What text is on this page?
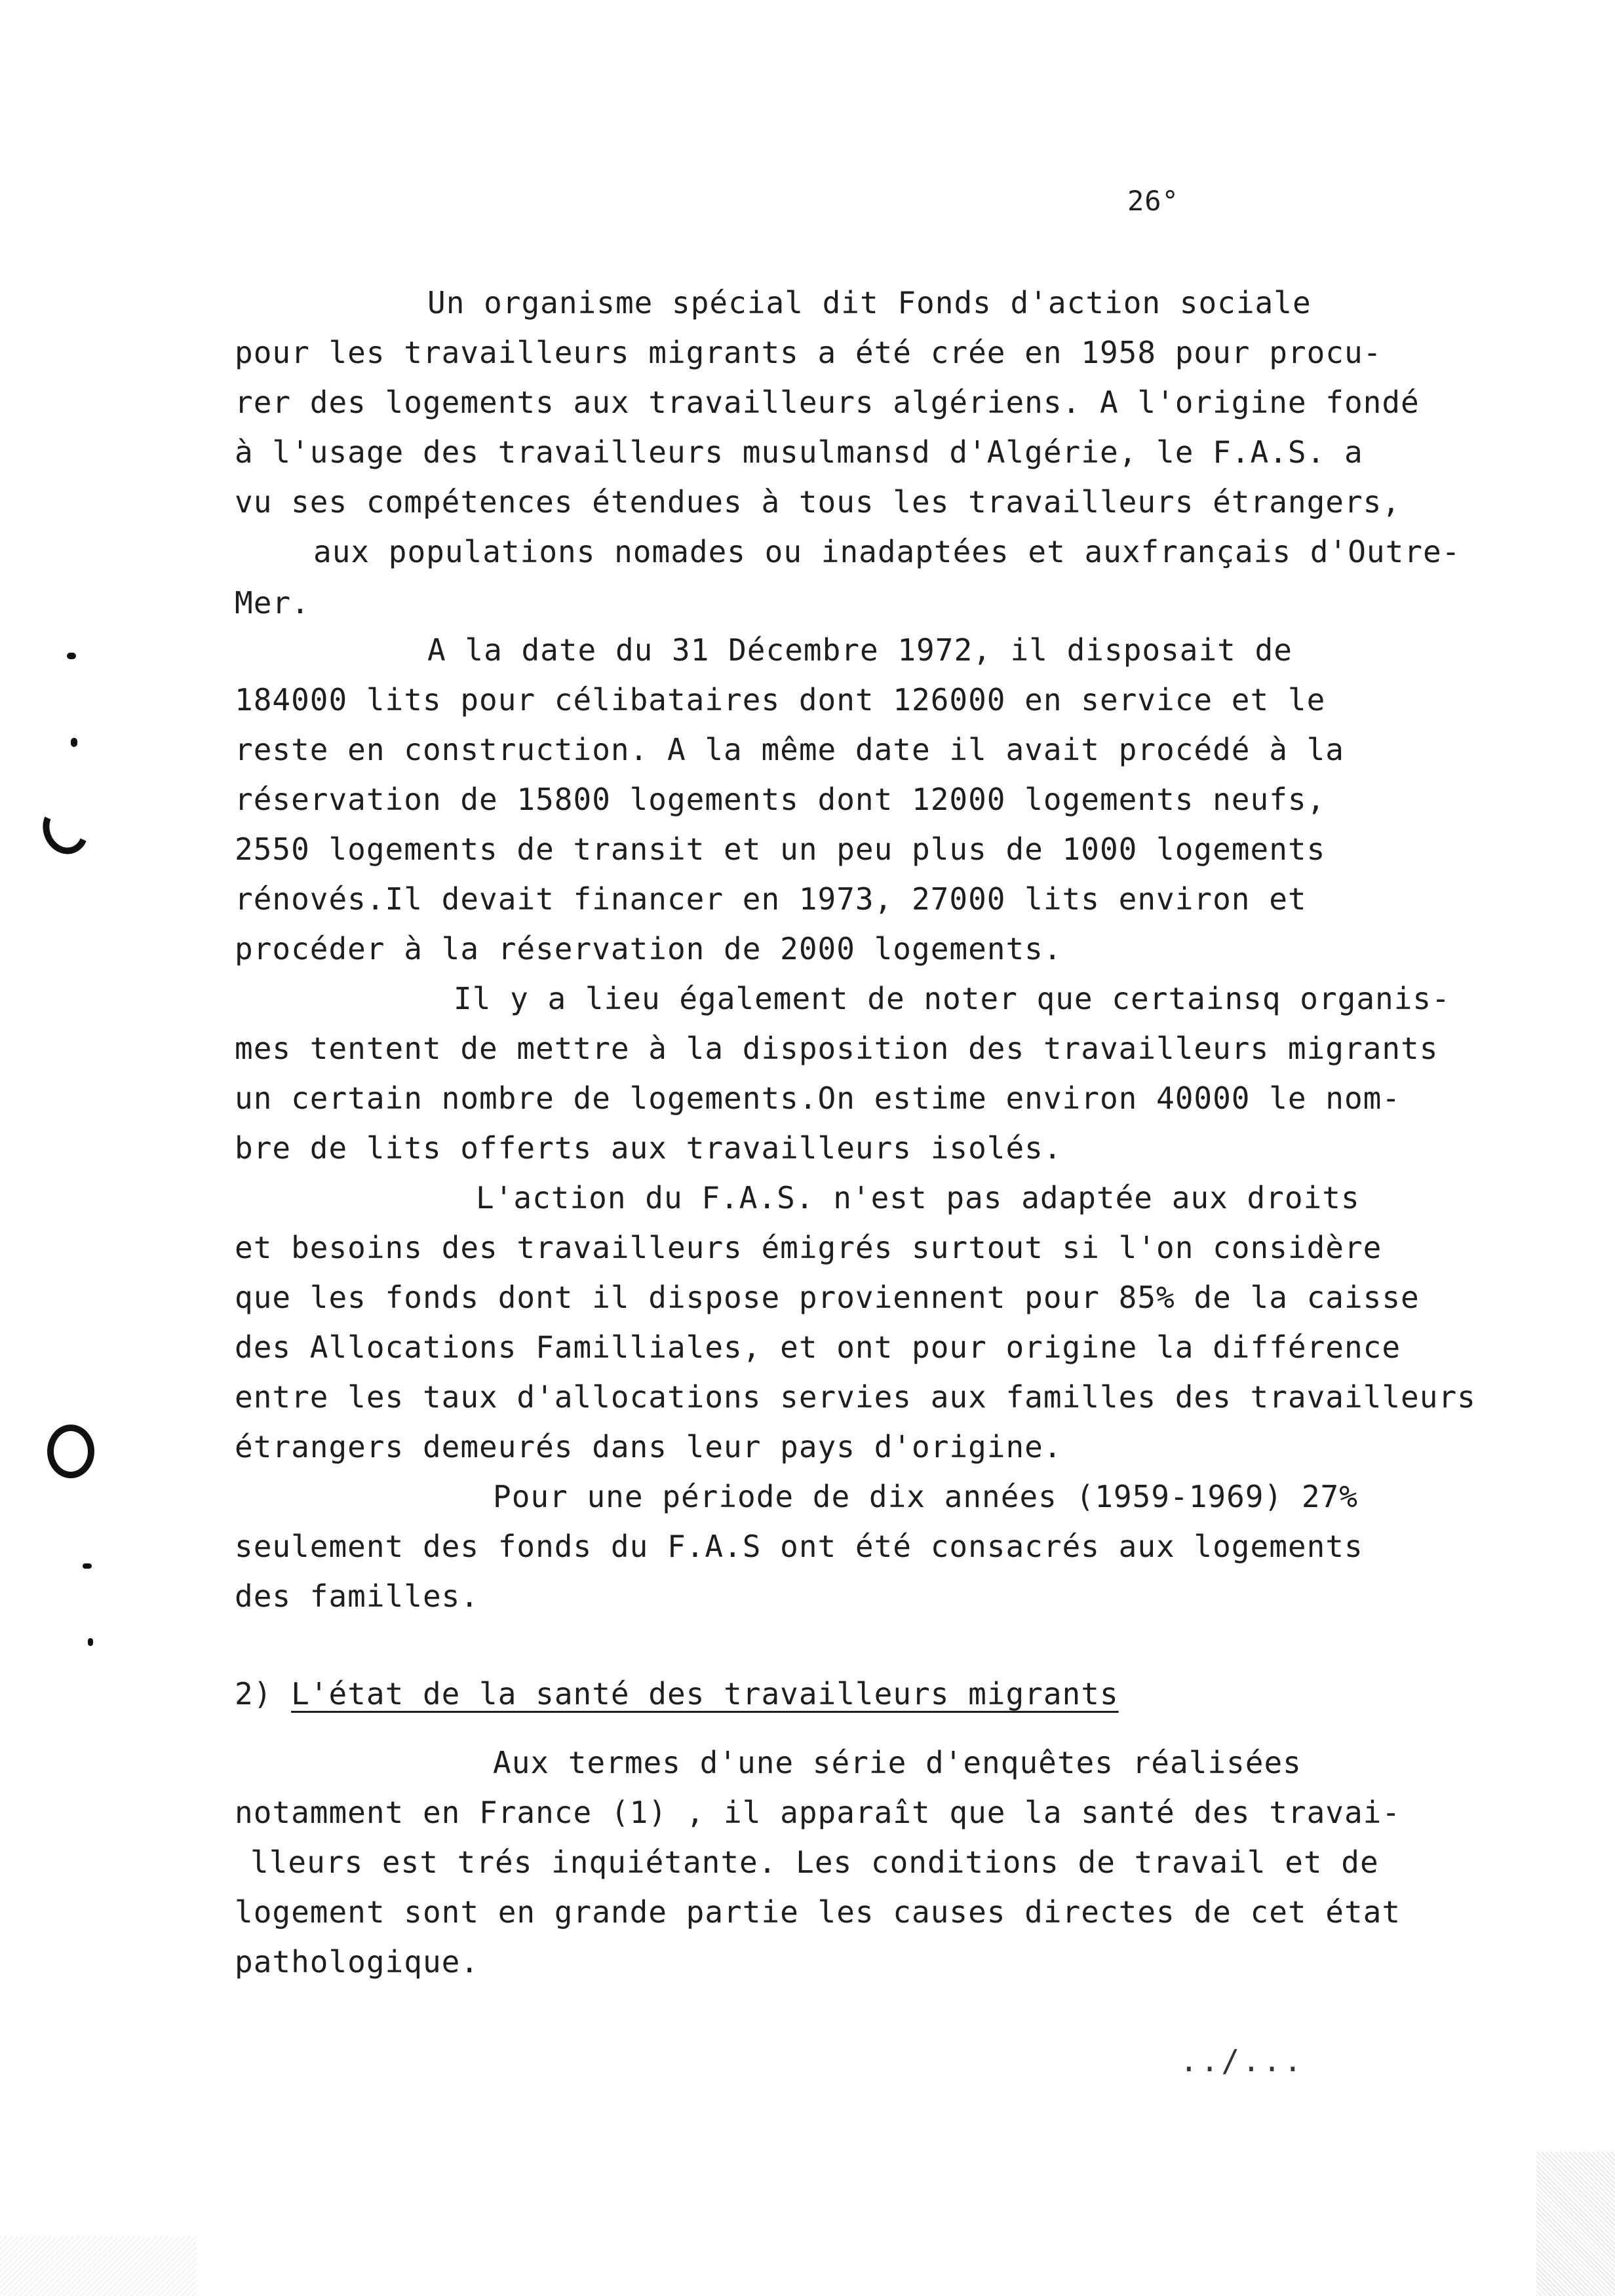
26°
Un organisme spécial dit Fonds d'action sociale
pour les travailleurs migrants a été crée en 1958 pour procu-
rer des logements aux travailleurs algériens. A l'origine fondé
à l'usage des travailleurs musulmansd d'Algérie, le F.A.S. a
vu ses compétences étendues à tous les travailleurs étrangers,
aux populations nomades ou inadaptées et auxfrançais d'Outre-
Mer.
A la date du 31 Décembre 1972, il disposait de
184000 lits pour célibataires dont 126000 en service et le
reste en construction. A la même date il avait procédé à la
réservation de 15800 logements dont 12000 logements neufs,
2550 logements de transit et un peu plus de 1000 logements
rénovés.Il devait financer en 1973, 27000 lits environ et
procéder à la réservation de 2000 logements.
Il y a lieu également de noter que certainsq organis-
mes tentent de mettre à la disposition des travailleurs migrants
un certain nombre de logements.On estime environ 40000 le nom-
bre de lits offerts aux travailleurs isolés.
L'action du F.A.S. n'est pas adaptée aux droits
et besoins des travailleurs émigrés surtout si l'on considère
que les fonds dont il dispose proviennent pour 85% de la caisse
des Allocations Familliales, et ont pour origine la différence
entre les taux d'allocations servies aux familles des travailleurs
étrangers demeurés dans leur pays d'origine.
Pour une période de dix années (1959-1969) 27%
seulement des fonds du F.A.S ont été consacrés aux logements
des familles.
2) L'état de la santé des travailleurs migrants
Aux termes d'une série d'enquêtes réalisées
notamment en France (1) , il apparaît que la santé des travai-
lleurs est trés inquiétante. Les conditions de travail et de
logement sont en grande partie les causes directes de cet état
pathologique.
../...
